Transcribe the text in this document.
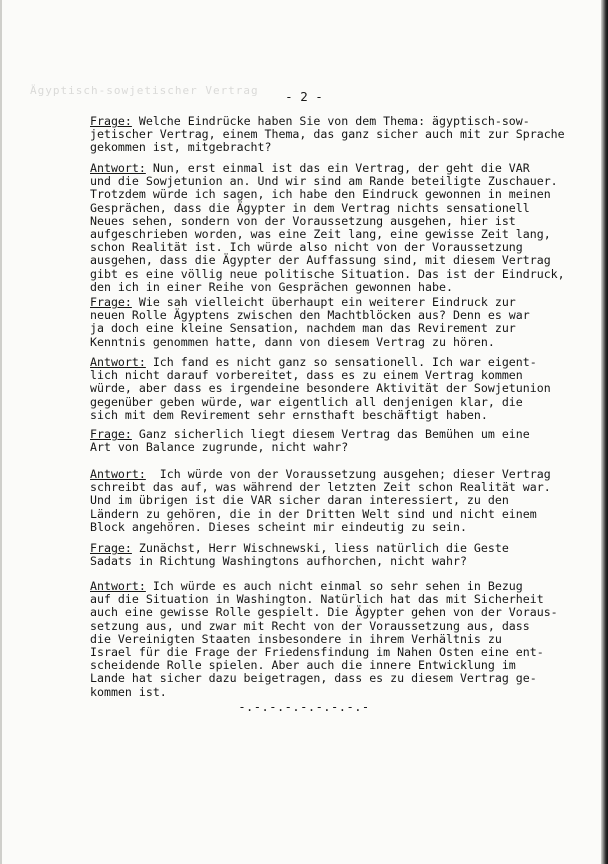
Ägyptisch-sowjetischer Vertrag	- 2 -
Frage: Welche Eindrücke haben Sie von dem Thema: ägyptisch-sow-
jetischer Vertrag, einem Thema, das ganz sicher auch mit zur Sprache
gekommen ist, mitgebracht?
Antwort: Nun, erst einmal ist das ein Vertrag, der geht die VAR
und die Sowjetunion an. Und wir sind am Rande beteiligte Zuschauer.
Trotzdem würde ich sagen, ich habe den Eindruck gewonnen in meinen
Gesprächen, dass die Ägypter in dem Vertrag nichts sensationell
Neues sehen, sondern von der Voraussetzung ausgehen, hier ist
aufgeschrieben worden, was eine Zeit lang, eine gewisse Zeit lang,
schon Realität ist. Ich würde also nicht von der Voraussetzung
ausgehen, dass die Ägypter der Auffassung sind, mit diesem Vertrag
gibt es eine völlig neue politische Situation. Das ist der Eindruck,
den ich in einer Reihe von Gesprächen gewonnen habe.
Frage: Wie sah vielleicht überhaupt ein weiterer Eindruck zur
neuen Rolle Ägyptens zwischen den Machtblöcken aus? Denn es war
ja doch eine kleine Sensation, nachdem man das Revirement zur
Kenntnis genommen hatte, dann von diesem Vertrag zu hören.
Antwort: Ich fand es nicht ganz so sensationell. Ich war eigent-
lich nicht darauf vorbereitet, dass es zu einem Vertrag kommen
würde, aber dass es irgendeine besondere Aktivität der Sowjetunion
gegenüber geben würde, war eigentlich all denjenigen klar, die
sich mit dem Revirement sehr ernsthaft beschäftigt haben.
Frage: Ganz sicherlich liegt diesem Vertrag das Bemühen um eine
Art von Balance zugrunde, nicht wahr?
Antwort:  Ich würde von der Voraussetzung ausgehen; dieser Vertrag
schreibt das auf, was während der letzten Zeit schon Realität war.
Und im übrigen ist die VAR sicher daran interessiert, zu den
Ländern zu gehören, die in der Dritten Welt sind und nicht einem
Block angehören. Dieses scheint mir eindeutig zu sein.
Frage: Zunächst, Herr Wischnewski, liess natürlich die Geste
Sadats in Richtung Washingtons aufhorchen, nicht wahr?
Antwort: Ich würde es auch nicht einmal so sehr sehen in Bezug
auf die Situation in Washington. Natürlich hat das mit Sicherheit
auch eine gewisse Rolle gespielt. Die Ägypter gehen von der Voraus-
setzung aus, und zwar mit Recht von der Voraussetzung aus, dass
die Vereinigten Staaten insbesondere in ihrem Verhältnis zu
Israel für die Frage der Friedensfindung im Nahen Osten eine ent-
scheidende Rolle spielen. Aber auch die innere Entwicklung im
Lande hat sicher dazu beigetragen, dass es zu diesem Vertrag ge-
kommen ist.
-.-.-.-.-.-.-.-.-
